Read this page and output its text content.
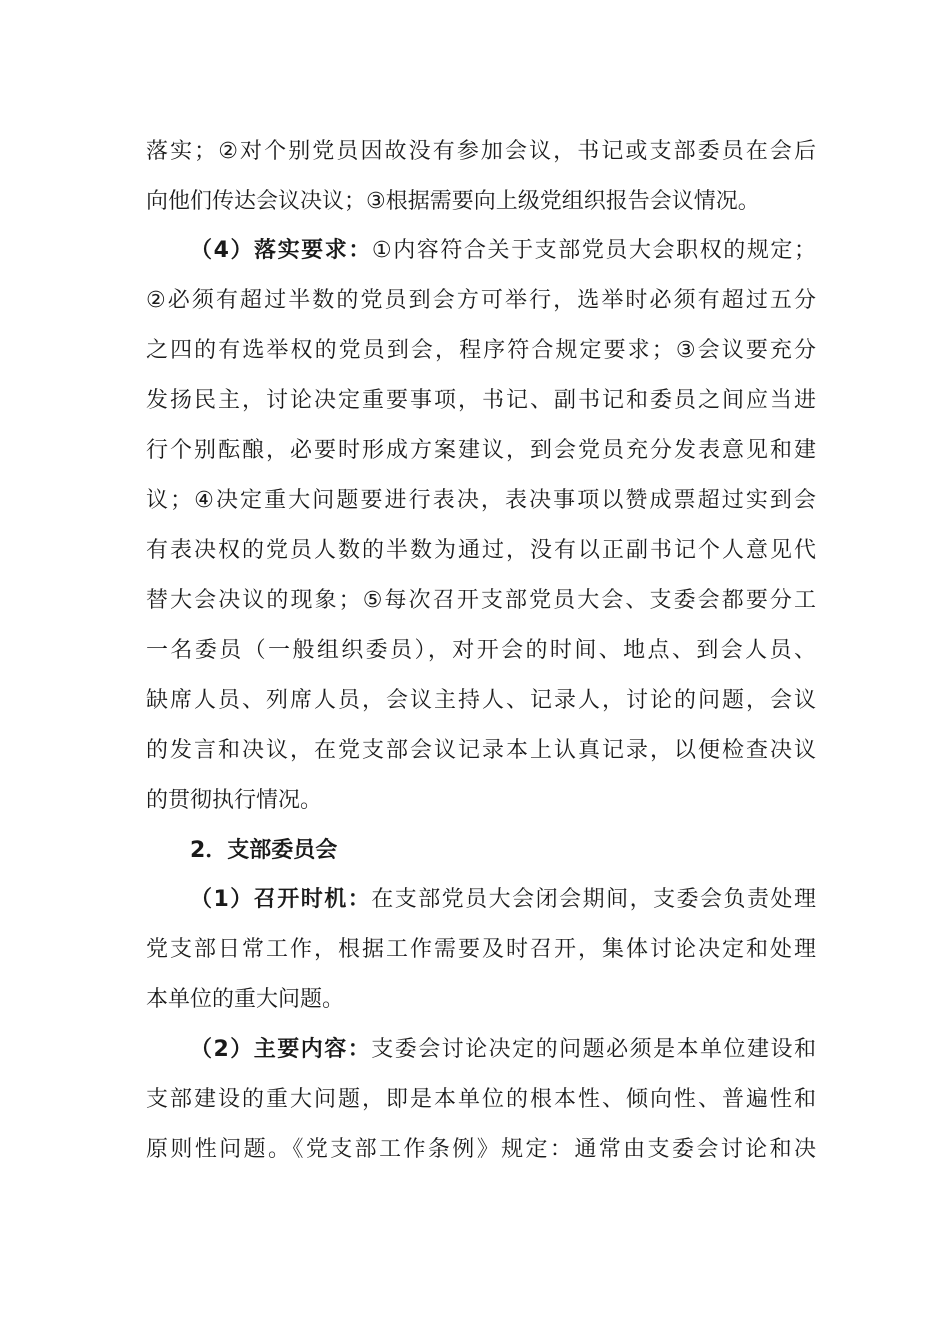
落实；②对个别党员因故没有参加会议，书记或支部委员在会后
向他们传达会议决议；③根据需要向上级党组织报告会议情况。
（4）落实要求：①内容符合关于支部党员大会职权的规定；
②必须有超过半数的党员到会方可举行，选举时必须有超过五分
之四的有选举权的党员到会，程序符合规定要求；③会议要充分
发扬民主，讨论决定重要事项，书记、副书记和委员之间应当进
行个别酝酿，必要时形成方案建议，到会党员充分发表意见和建
议；④决定重大问题要进行表决，表决事项以赞成票超过实到会
有表决权的党员人数的半数为通过，没有以正副书记个人意见代
替大会决议的现象；⑤每次召开支部党员大会、支委会都要分工
一名委员（一般组织委员），对开会的时间、地点、到会人员、
缺席人员、列席人员，会议主持人、记录人，讨论的问题，会议
的发言和决议，在党支部会议记录本上认真记录，以便检查决议
的贯彻执行情况。
2．支部委员会
（1）召开时机：在支部党员大会闭会期间，支委会负责处理
党支部日常工作，根据工作需要及时召开，集体讨论决定和处理
本单位的重大问题。
（2）主要内容：支委会讨论决定的问题必须是本单位建设和
支部建设的重大问题，即是本单位的根本性、倾向性、普遍性和
原则性问题。《党支部工作条例》规定：通常由支委会讨论和决
